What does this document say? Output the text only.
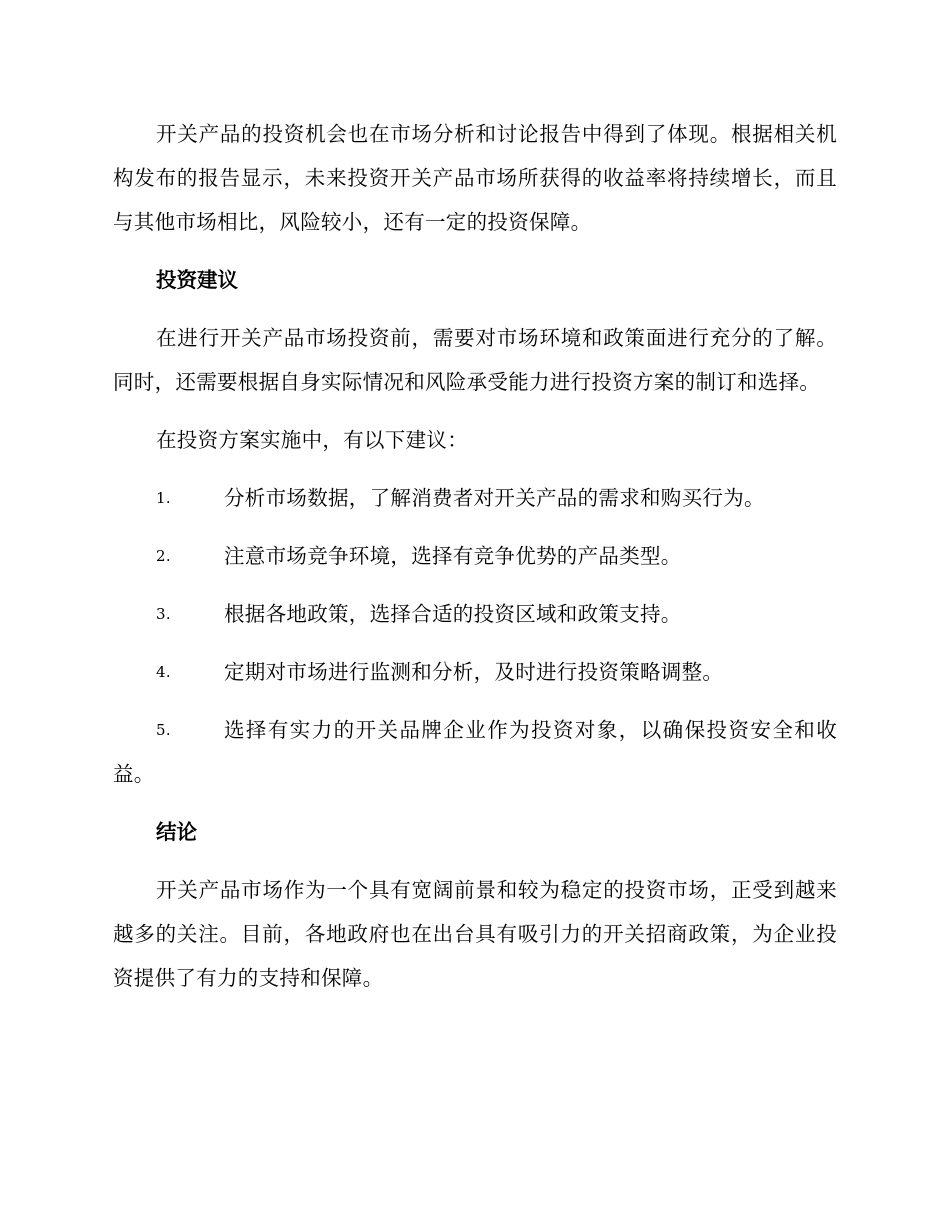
开关产品的投资机会也在市场分析和讨论报告中得到了体现。根据相关机构发布的报告显示，未来投资开关产品市场所获得的收益率将持续增长，而且与其他市场相比，风险较小，还有一定的投资保障。

投资建议

在进行开关产品市场投资前，需要对市场环境和政策面进行充分的了解。同时，还需要根据自身实际情况和风险承受能力进行投资方案的制订和选择。

在投资方案实施中，有以下建议：

1.	分析市场数据，了解消费者对开关产品的需求和购买行为。
2.	注意市场竞争环境，选择有竞争优势的产品类型。
3.	根据各地政策，选择合适的投资区域和政策支持。
4.	定期对市场进行监测和分析，及时进行投资策略调整。
5.	选择有实力的开关品牌企业作为投资对象，以确保投资安全和收益。
结论

开关产品市场作为一个具有宽阔前景和较为稳定的投资市场，正受到越来越多的关注。目前，各地政府也在出台具有吸引力的开关招商政策，为企业投资提供了有力的支持和保障。
